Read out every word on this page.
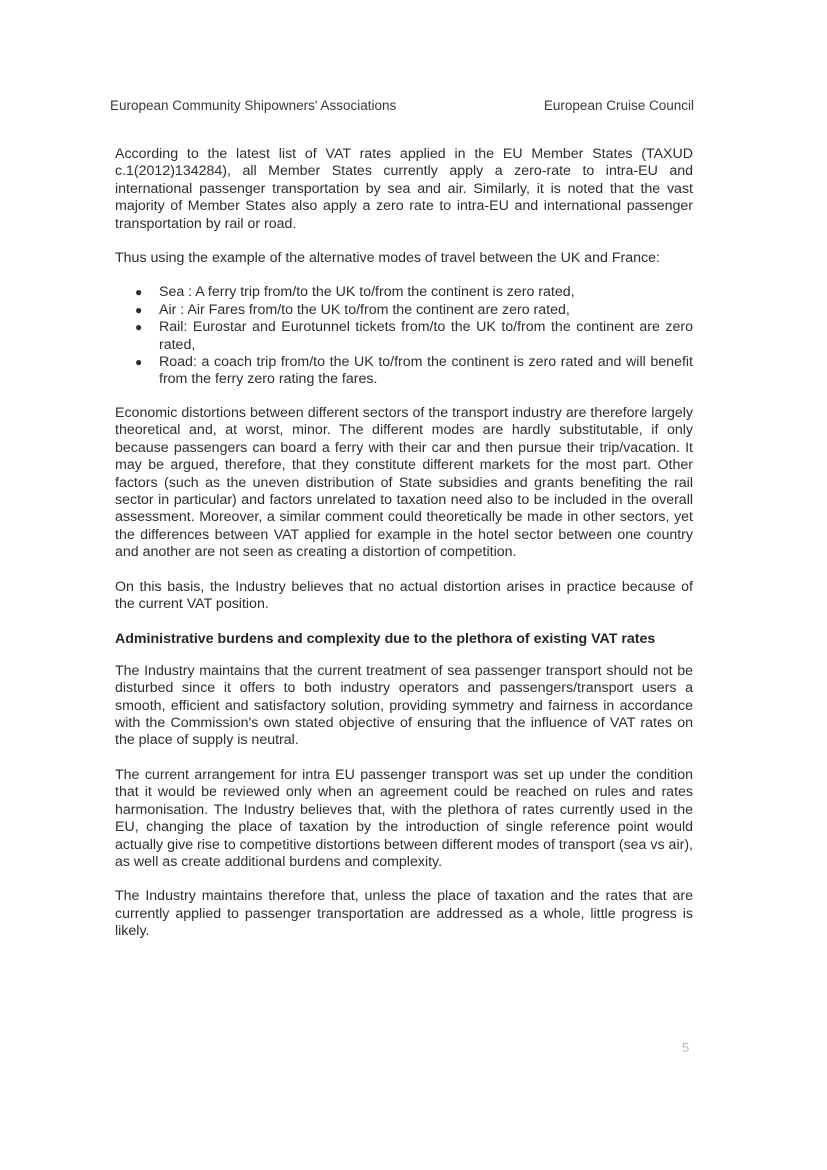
European Community Shipowners' Associations	European Cruise Council

According to the latest list of VAT rates applied in the EU Member States (TAXUD c.1(2012)134284), all Member States currently apply a zero-rate to intra-EU and international passenger transportation by sea and air. Similarly, it is noted that the vast majority of Member States also apply a zero rate to intra-EU and international passenger transportation by rail or road.

Thus using the example of the alternative modes of travel between the UK and France:

● Sea : A ferry trip from/to the UK to/from the continent is zero rated,
● Air : Air Fares from/to the UK to/from the continent are zero rated,
● Rail: Eurostar and Eurotunnel tickets from/to the UK to/from the continent are zero rated,
● Road: a coach trip from/to the UK to/from the continent is zero rated and will benefit from the ferry zero rating the fares.

Economic distortions between different sectors of the transport industry are therefore largely theoretical and, at worst, minor. The different modes are hardly substitutable, if only because passengers can board a ferry with their car and then pursue their trip/vacation. It may be argued, therefore, that they constitute different markets for the most part. Other factors (such as the uneven distribution of State subsidies and grants benefiting the rail sector in particular) and factors unrelated to taxation need also to be included in the overall assessment. Moreover, a similar comment could theoretically be made in other sectors, yet the differences between VAT applied for example in the hotel sector between one country and another are not seen as creating a distortion of competition.

On this basis, the Industry believes that no actual distortion arises in practice because of the current VAT position.

Administrative burdens and complexity due to the plethora of existing VAT rates

The Industry maintains that the current treatment of sea passenger transport should not be disturbed since it offers to both industry operators and passengers/transport users a smooth, efficient and satisfactory solution, providing symmetry and fairness in accordance with the Commission's own stated objective of ensuring that the influence of VAT rates on the place of supply is neutral.

The current arrangement for intra EU passenger transport was set up under the condition that it would be reviewed only when an agreement could be reached on rules and rates harmonisation. The Industry believes that, with the plethora of rates currently used in the EU, changing the place of taxation by the introduction of single reference point would actually give rise to competitive distortions between different modes of transport (sea vs air), as well as create additional burdens and complexity.

The Industry maintains therefore that, unless the place of taxation and the rates that are currently applied to passenger transportation are addressed as a whole, little progress is likely.

5
